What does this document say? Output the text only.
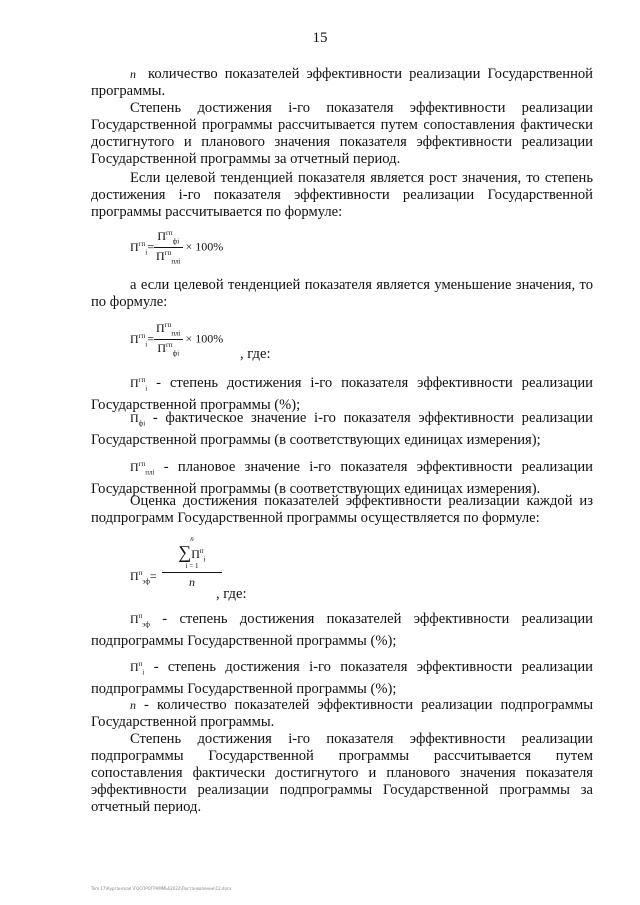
15

n количество показателей эффективности реализации Государственной программы.

Степень достижения i-го показателя эффективности реализации Государственной программы рассчитывается путем сопоставления фактически достигнутого и планового значения показателя эффективности реализации Государственной программы за отчетный период.

Если целевой тенденцией показателя является рост значения, то степень достижения i-го показателя эффективности реализации Государственной программы рассчитывается по формуле:

$П^{гп}_i= \frac{П^{гп}_{фi}}{П^{гп}_{плi}} \times 100\%$

а если целевой тенденцией показателя является уменьшение значения, то по формуле:

$П^{гп}_i= \frac{П^{гп}_{плi}}{П^{гп}_{фi}} \times 100\%$
, где:

$П^{гп}_i$ - степень достижения i-го показателя эффективности реализации Государственной программы (%);

$П_{фi}$ - фактическое значение i-го показателя эффективности реализации Государственной программы (в соответствующих единицах измерения);

$П^{гп}_{плi}$ - плановое значение i-го показателя эффективности реализации Государственной программы (в соответствующих единицах измерения).

Оценка достижения показателей эффективности реализации каждой из подпрограмм Государственной программы осуществляется по формуле:

$П^п_{эф}=$
n
$\sum П^п_i$
i = 1
n
, где:

$П^п_{эф}$ - степень достижения показателей эффективности реализации подпрограммы Государственной программы (%);

$П^п_i$ - степень достижения i-го показателя эффективности реализации подпрограммы Государственной программы (%);

n - количество показателей эффективности реализации подпрограммы Государственной программы.

Степень достижения i-го показателя эффективности реализации подпрограммы Государственной программы рассчитывается путем сопоставления фактически достигнутого и планового значения показателя эффективности реализации подпрограммы Государственной программы за отчетный период.

Tom 17\Курганская \ГОСПРОГРАММЫ\2022\Постановление\12.docx
